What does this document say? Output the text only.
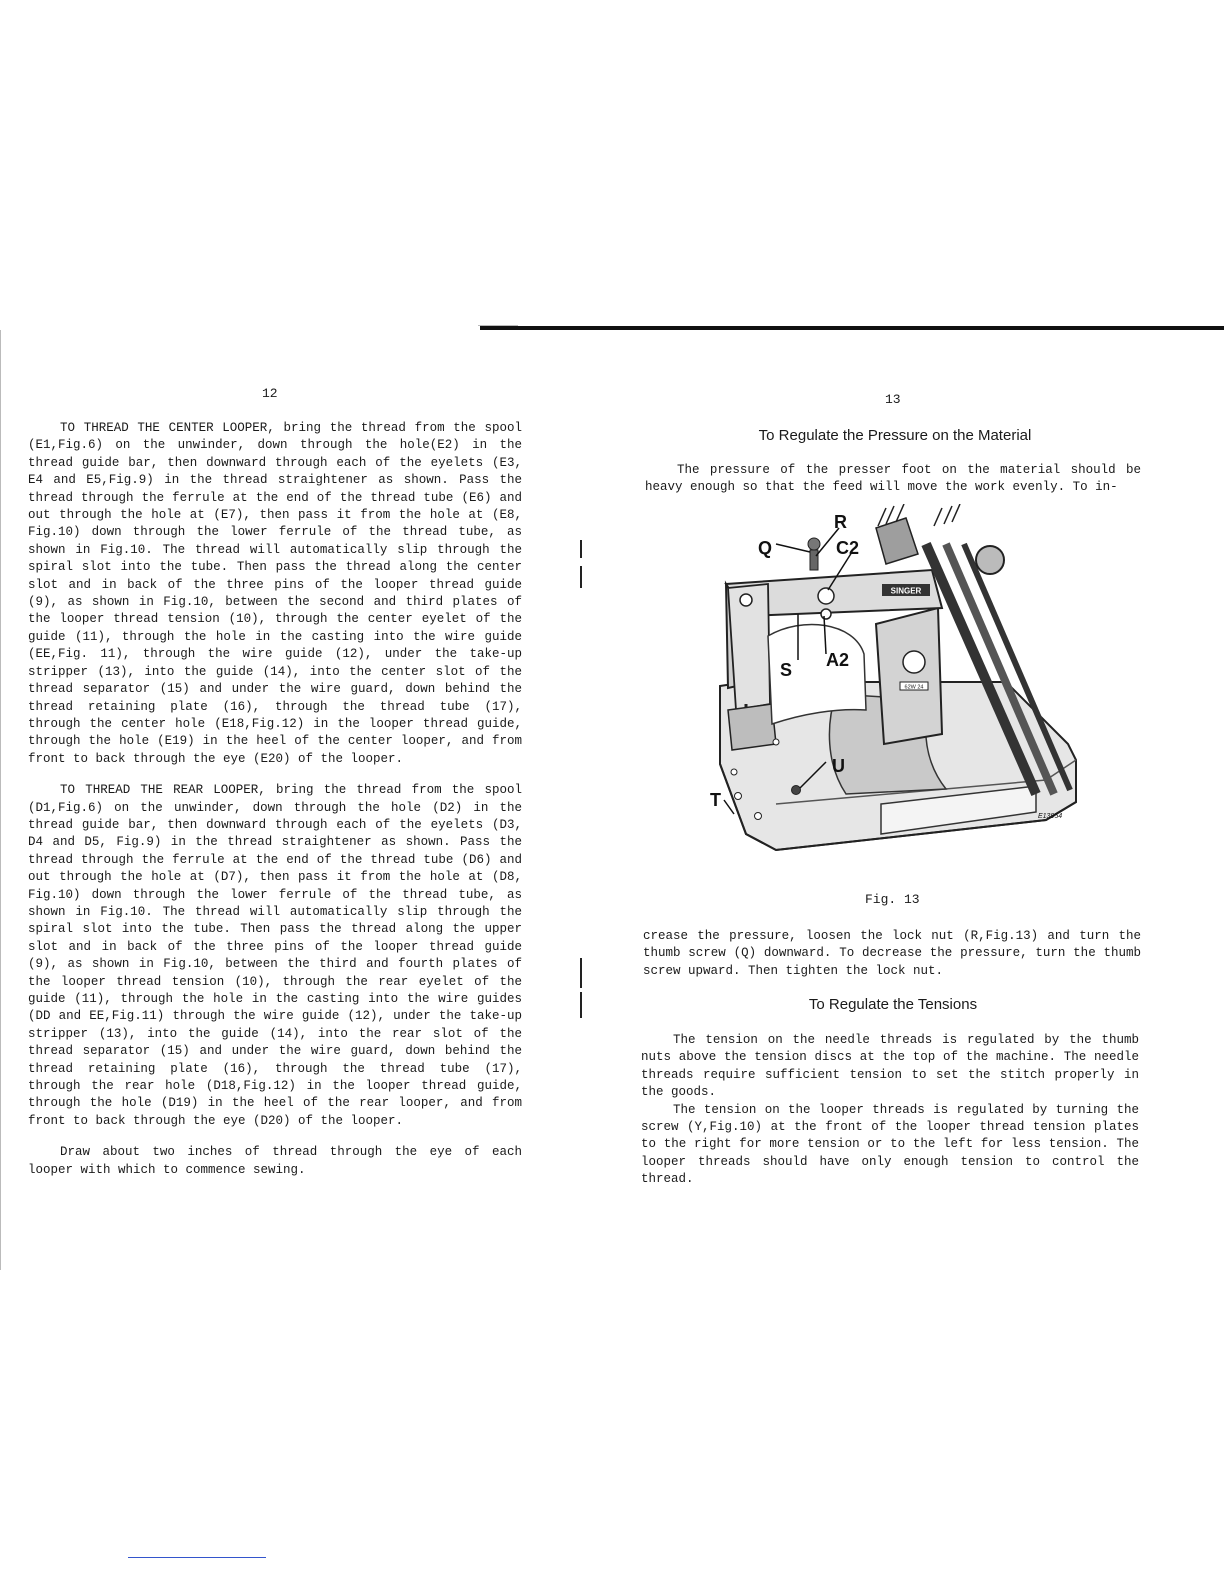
12

TO THREAD THE CENTER LOOPER, bring the thread from the spool (E1,Fig.6) on the unwinder, down through the hole(E2) in the thread guide bar, then downward through each of the eyelets (E3, E4 and E5,Fig.9) in the thread straightener as shown. Pass the thread through the ferrule at the end of the thread tube (E6) and out through the hole at (E7), then pass it from the hole at (E8, Fig.10) down through the lower ferrule of the thread tube, as shown in Fig.10. The thread will automatically slip through the spiral slot into the tube. Then pass the thread along the center slot and in back of the three pins of the looper thread guide (9), as shown in Fig.10, between the second and third plates of the looper thread tension (10), through the center eyelet of the guide (11), through the hole in the casting into the wire guide (EE,Fig. 11), through the wire guide (12), under the take-up stripper (13), into the guide (14), into the center slot of the thread separator (15) and under the wire guard, down behind the thread retaining plate (16), through the thread tube (17), through the center hole (E18,Fig.12) in the looper thread guide, through the hole (E19) in the heel of the center looper, and from front to back through the eye (E20) of the looper.

TO THREAD THE REAR LOOPER, bring the thread from the spool (D1,Fig.6) on the unwinder, down through the hole (D2) in the thread guide bar, then downward through each of the eyelets (D3, D4 and D5, Fig.9) in the thread straightener as shown. Pass the thread through the ferrule at the end of the thread tube (D6) and out through the hole at (D7), then pass it from the hole at (D8, Fig.10) down through the lower ferrule of the thread tube, as shown in Fig.10. The thread will automatically slip through the spiral slot into the tube. Then pass the thread along the upper slot and in back of the three pins of the looper thread guide (9), as shown in Fig.10, between the third and fourth plates of the looper thread tension (10), through the rear eyelet of the guide (11), through the hole in the casting into the wire guides (DD and EE,Fig.11) through the wire guide (12), under the take-up stripper (13), into the guide (14), into the rear slot of the thread separator (15) and under the wire guard, down behind the thread retaining plate (16), through the thread tube (17), through the rear hole (D18,Fig.12) in the looper thread guide, through the hole (D19) in the heel of the rear looper, and from front to back through the eye (D20) of the looper.

Draw about two inches of thread through the eye of each looper with which to commence sewing.

13
To Regulate the Pressure on the Material

The pressure of the presser foot on the material should be heavy enough so that the feed will move the work evenly. To in-

SINGER
62W 24
R
Q	C2
S A2
U
T
E13954
Fig. 13

crease the pressure, loosen the lock nut (R,Fig.13) and turn the thumb screw (Q) downward. To decrease the pressure, turn the thumb screw upward. Then tighten the lock nut.

To Regulate the Tensions

The tension on the needle threads is regulated by the thumb nuts above the tension discs at the top of the machine. The needle threads require sufficient tension to set the stitch properly in the goods.

The tension on the looper threads is regulated by turning the screw (Y,Fig.10) at the front of the looper thread tension plates to the right for more tension or to the left for less tension. The looper threads should have only enough tension to control the thread.
